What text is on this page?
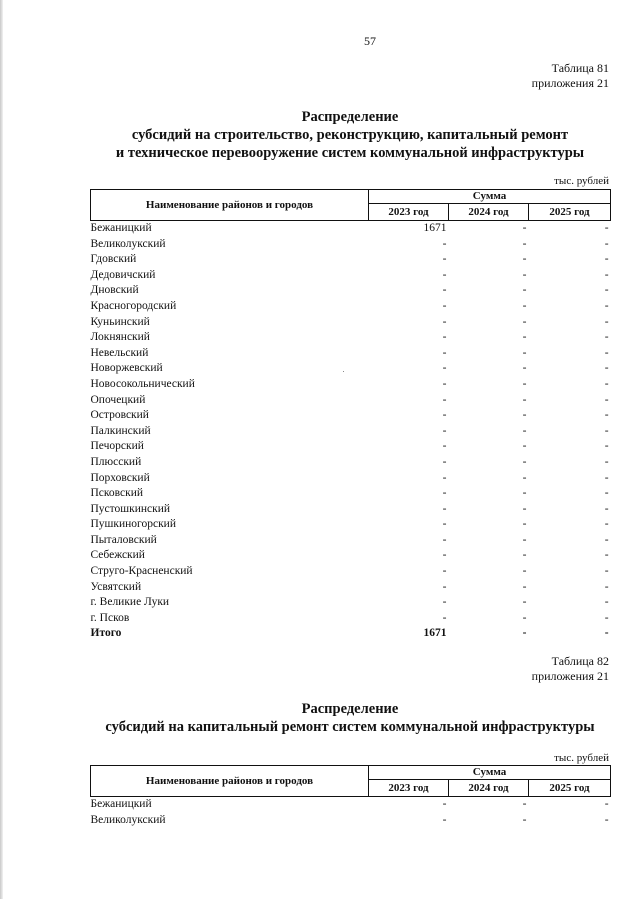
57
Таблица 81
приложения 21
Распределение
субсидий на строительство, реконструкцию, капитальный ремонт
и техническое перевооружение систем коммунальной инфраструктуры
тыс. рублей
Наименование районов и городов	Сумма		
	2023 год	2024 год	2025 год
Бежаницкий	1671	-	-
Великолукский	-	-	-
Гдовский	-	-	-
Дедовичский	-	-	-
Дновский	-	-	-
Красногородский	-	-	-
Куньинский	-	-	-
Локнянский	-	-	-
Невельский	-	-	-
Новоржевский	-	-	-
Новосокольнический	-	-	-
Опочецкий	-	-	-
Островский	-	-	-
Палкинский	-	-	-
Печорский	-	-	-
Плюсский	-	-	-
Порховский	-	-	-
Псковский	-	-	-
Пустошкинский	-	-	-
Пушкиногорский	-	-	-
Пыталовский	-	-	-
Себежский	-	-	-
Струго-Красненский	-	-	-
Усвятский	-	-	-
г. Великие Луки	-	-	-
г. Псков	-	-	-
Итого	1671	-	-
Таблица 82
приложения 21
Распределение
субсидий на капитальный ремонт систем коммунальной инфраструктуры
тыс. рублей
Наименование районов и городов	Сумма		
	2023 год	2024 год	2025 год
Бежаницкий	-	-	-
Великолукский	-	-	-
